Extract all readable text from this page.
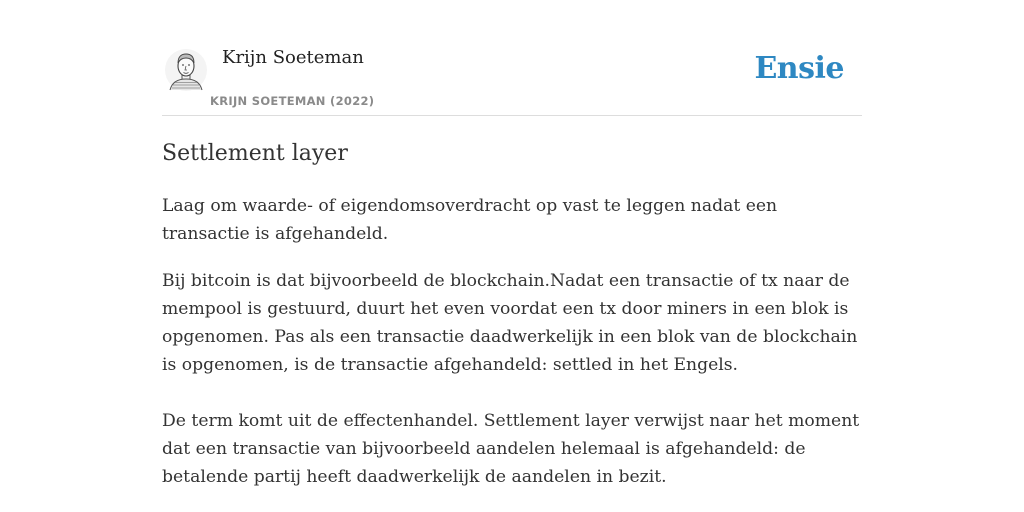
Krijn Soeteman
KRIJN SOETEMAN (2022)
Ensie
Settlement layer

Laag om waarde- of eigendomsoverdracht op vast te leggen nadat een transactie is afgehandeld.

Bij bitcoin is dat bijvoorbeeld de blockchain.Nadat een transactie of tx naar de mempool is gestuurd, duurt het even voordat een tx door miners in een blok is opgenomen. Pas als een transactie daadwerkelijk in een blok van de blockchain is opgenomen, is de transactie afgehandeld: settled in het Engels.

De term komt uit de effectenhandel. Settlement layer verwijst naar het moment dat een transactie van bijvoorbeeld aandelen helemaal is afgehandeld: de betalende partij heeft daadwerkelijk de aandelen in bezit.
